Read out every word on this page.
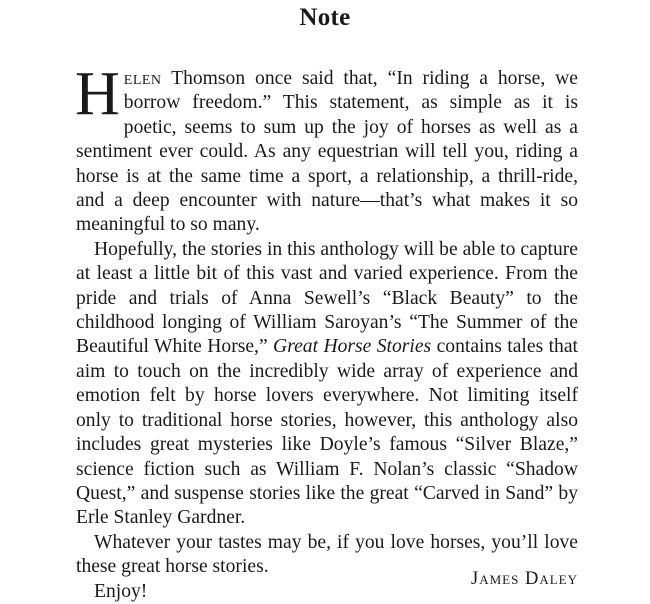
Note

Helen Thomson once said that, “In riding a horse, we borrow freedom.” This statement, as simple as it is poetic, seems to sum up the joy of horses as well as a sentiment ever could. As any equestrian will tell you, riding a horse is at the same time a sport, a relationship, a thrill-ride, and a deep encounter with nature—that’s what makes it so meaningful to so many.

Hopefully, the stories in this anthology will be able to capture at least a little bit of this vast and varied experience. From the pride and trials of Anna Sewell’s “Black Beauty” to the childhood longing of William Saroyan’s “The Summer of the Beautiful White Horse,” Great Horse Stories contains tales that aim to touch on the incredibly wide array of experience and emotion felt by horse lovers everywhere. Not limiting itself only to traditional horse stories, however, this anthology also includes great mysteries like Doyle’s famous “Silver Blaze,” science fiction such as William F. Nolan’s classic “Shadow Quest,” and suspense stories like the great “Carved in Sand” by Erle Stanley Gardner.

Whatever your tastes may be, if you love horses, you’ll love these great horse stories.

Enjoy!

James Daley
